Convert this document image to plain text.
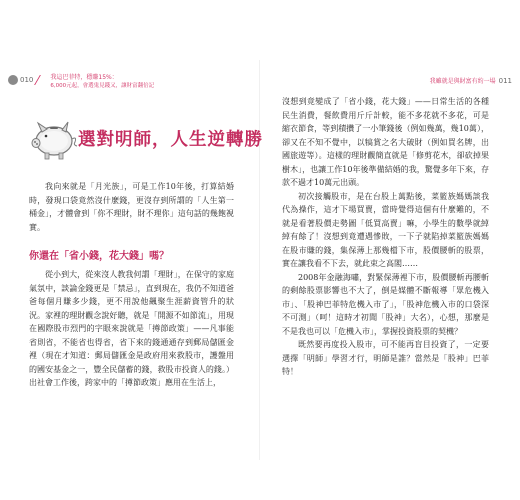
010	我這巴菲特，穩賺15%：
6,000元起，會選鬼見錢又，讓財富翻倍記
選對明師，人生逆轉勝

我向來就是「月光族」，可是工作10年後，打算結婚時，發現口袋竟然沒什麼錢，更沒存到所謂的「人生第一桶金」，才體會到「你不理財，財不理你」這句話的幾飽視實。

你還在「省小錢，花大錢」嗎？

從小到大，從來沒人教我何謂「理財」，在保守的家庭氣氛中，談論金錢更是「禁忌」，直到現在，我仍不知道爸爸每個月賺多少錢，更不用說他飆聚生涯薪資管升的狀況。家裡的理財觀念說好聽，就是「開源不如節流」，用現在國際股市烈門的字眼來說就是「撙節政策」——凡事能省則省，不能省也得省，省下來的錢通通存到郵局儲匯金裡（現在才知道：郵局儲匯金是政府用來救股市，護盤用的國安基金之一，豐全民儲蓄的錢，救股市投資人的錢。）出社會工作後，跨家中的「撙節政策」應用在生活上，

我雖就是與財富有約一場 011

沒想到竟變成了「省小錢，花大錢」——日常生活的各種民生消費，餐飲費用斤斤計較，能不多花就不多花，可是縮衣節食，等到積攢了一小筆錢後（例如幾萬，幾10萬），卻又在不知不覺中，以犒賞之名大破財（例如買名牌，出國旅遊等）。這樣的理財觀簡直就是「修剪花木，卻砍掉果樹木」，也讓工作10年後準備結婚的我，驚覺多年下來，存款不過才10萬元出頭。

初次接觸股市，是在台股上萬點後，菜籃族媽媽談我代為操作，這才下場買賣，當時覺得這個有什麼難的，不就是看著股價走勢圖「低買高賣」嘛，小學生的數學就綽綽有餘了！沒想到竟遭遇慘敗，一下子就陷掉菜籃族媽媽在股市賺的錢，集保薄上那幾檔下市，股價腰斬的股票，實在讓我看不下去，就此束之高閣……

2008年金融海嘯，對緊保薄裡下市，股價腰斬再腰斬的剩餘股票影響也不大了，倒是媒體不斷報導「眾危機入市」、「股神巴菲特危機入市了」，「股神危機入市的口袋深不可測」（呵！這時才初聞「股神」大名），心想，那麼是不是我也可以「危機入市」，掌握投資股票的契機？

既然要再度投入股市，可不能再盲目投資了，一定要選擇「明師」學習才行，明師是誰？當然是「股神」巴菲特！
